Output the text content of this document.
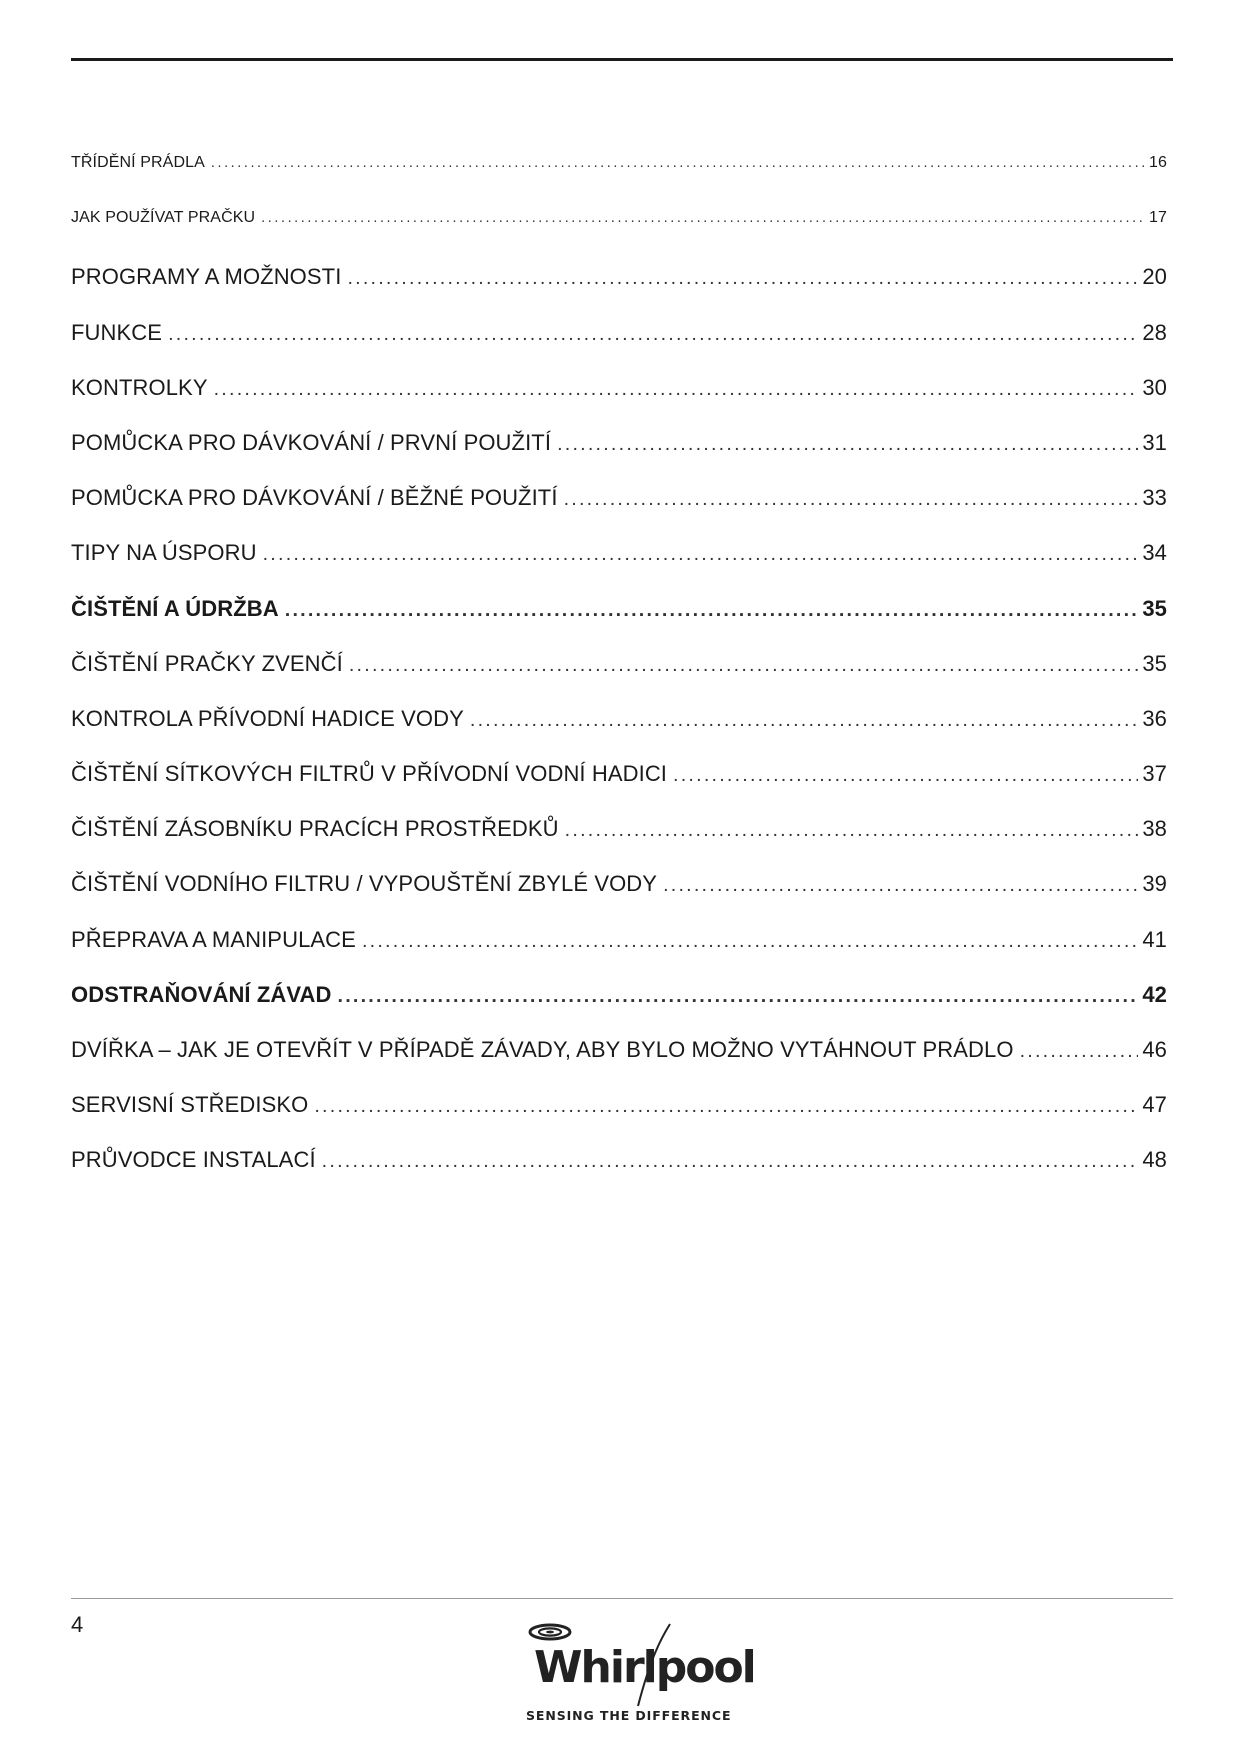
TŘÍDĚNÍ PRÁDLA .....	16
JAK POUŽÍVAT PRAČKU .....	17
PROGRAMY A MOŽNOSTI .....	20
FUNKCE .....	28
KONTROLKY .....	30
POMŮCKA PRO DÁVKOVÁNÍ / PRVNÍ POUŽITÍ .....	31
POMŮCKA PRO DÁVKOVÁNÍ / BĚŽNÉ POUŽITÍ .....	33
TIPY NA ÚSPORU .....	34
ČIŠTĚNÍ A ÚDRŽBA .....	35
ČIŠTĚNÍ PRAČKY ZVENČÍ .....	35
KONTROLA PŘÍVODNÍ HADICE VODY .....	36
ČIŠTĚNÍ SÍTKOVÝCH FILTRŮ V PŘÍVODNÍ VODNÍ HADICI .....	37
ČIŠTĚNÍ ZÁSOBNÍKU PRACÍCH PROSTŘEDKŮ .....	38
ČIŠTĚNÍ VODNÍHO FILTRU / VYPOUŠTĚNÍ ZBYLÉ VODY .....	39
PŘEPRAVA A MANIPULACE .....	41
ODSTRAŇOVÁNÍ ZÁVAD .....	42
DVÍŘKA – JAK JE OTEVŘÍT V PŘÍPADĚ ZÁVADY, ABY BYLO MOŽNO VYTÁHNOUT PRÁDLO .....	46
SERVISNÍ STŘEDISKO .....	47
PRŮVODCE INSTALACÍ .....	48
4
Whirlpool
SENSING THE DIFFERENCE
